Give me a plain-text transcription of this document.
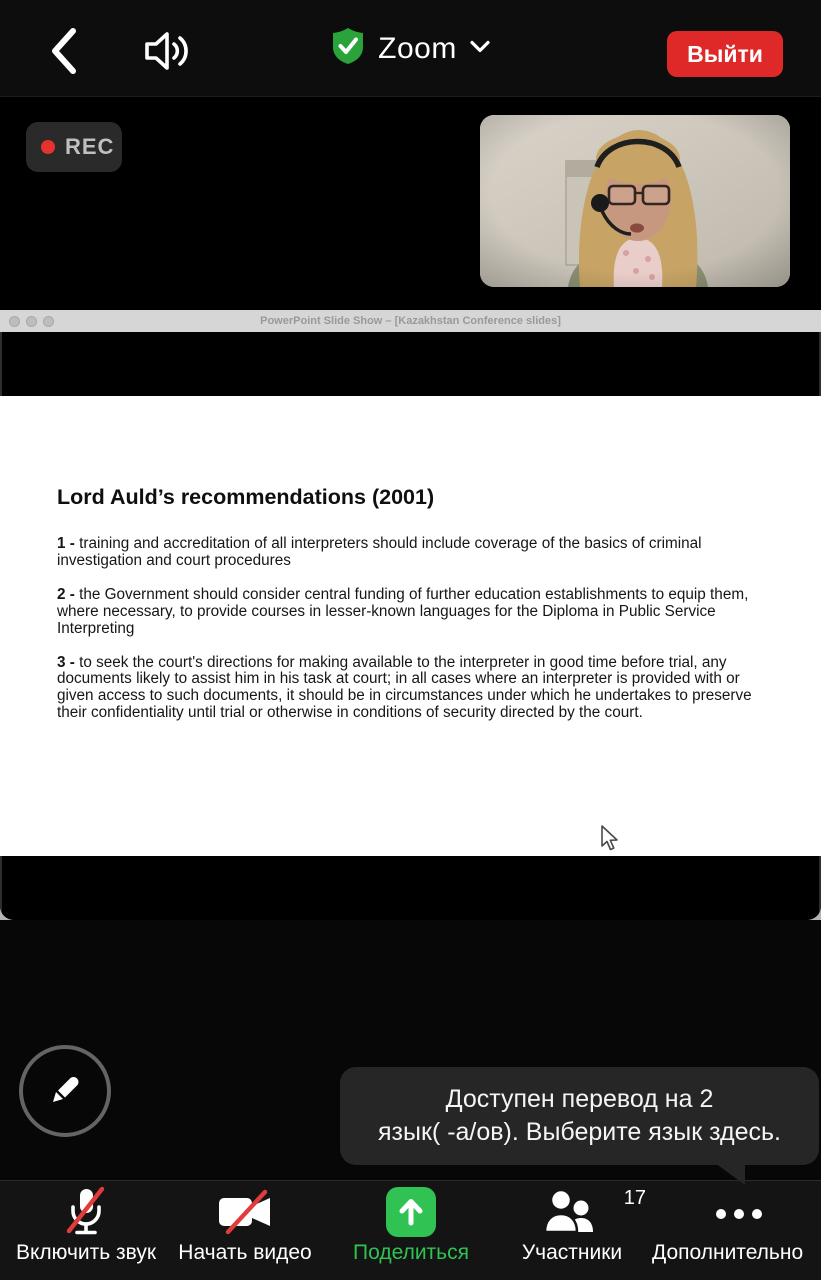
Zoom	Выйти
REC
PowerPoint Slide Show – [Kazakhstan Conference slides]
Lord Auld’s recommendations (2001)

1 - training and accreditation of all interpreters should include coverage of the basics of criminal investigation and court procedures

2 - the Government should consider central funding of further education establishments to equip them, where necessary, to provide courses in lesser-known languages for the Diploma in Public Service Interpreting

3 - to seek the court's directions for making available to the interpreter in good time before trial, any documents likely to assist him in his task at court; in all cases where an interpreter is provided with or given access to such documents, it should be in circumstances under which he undertakes to preserve their confidentiality until trial or otherwise in conditions of security directed by the court.

Доступен перевод на 2
язык( -а/ов). Выберите язык здесь.
Включить звук	Начать видео	Поделиться
17
Участники	Дополнительно
